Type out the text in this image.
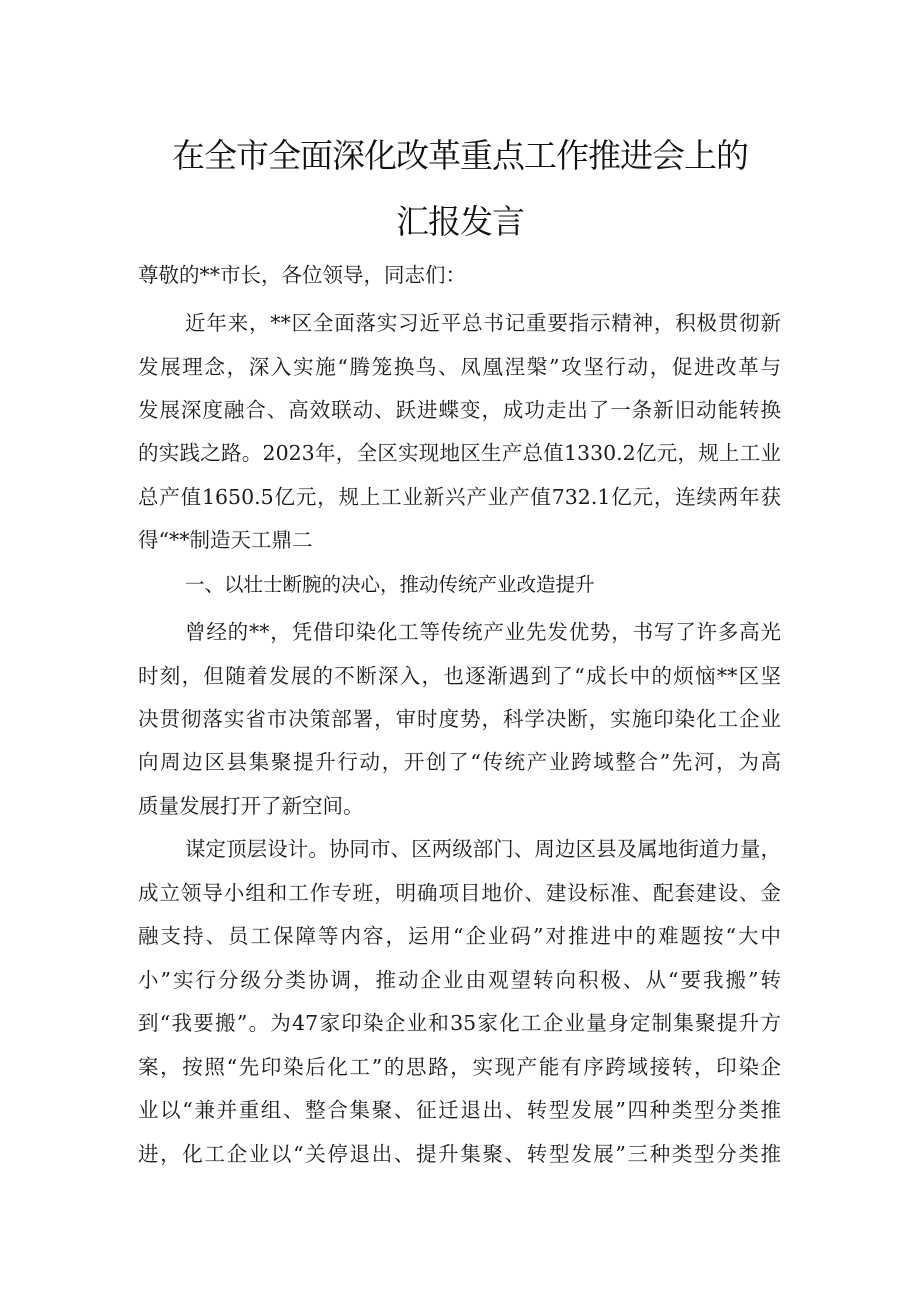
在全市全面深化改革重点工作推进会上的
汇报发言
尊敬的**市长，各位领导，同志们：
近年来，**区全面落实习近平总书记重要指示精神，积极贯彻新
发展理念，深入实施“腾笼换鸟、凤凰涅槃”攻坚行动，促进改革与
发展深度融合、高效联动、跃进蝶变，成功走出了一条新旧动能转换
的实践之路。2023年，全区实现地区生产总值1330.2亿元，规上工业
总产值1650.5亿元，规上工业新兴产业产值732.1亿元，连续两年获
得“**制造天工鼎二
一、以壮士断腕的决心，推动传统产业改造提升
曾经的**，凭借印染化工等传统产业先发优势，书写了许多高光
时刻，但随着发展的不断深入，也逐渐遇到了“成长中的烦恼**区坚
决贯彻落实省市决策部署，审时度势，科学决断，实施印染化工企业
向周边区县集聚提升行动，开创了“传统产业跨域整合”先河，为高
质量发展打开了新空间。
谋定顶层设计。协同市、区两级部门、周边区县及属地街道力量，
成立领导小组和工作专班，明确项目地价、建设标准、配套建设、金
融支持、员工保障等内容，运用“企业码”对推进中的难题按“大中
小”实行分级分类协调，推动企业由观望转向积极、从“要我搬”转
到“我要搬”。为47家印染企业和35家化工企业量身定制集聚提升方
案，按照“先印染后化工”的思路，实现产能有序跨域接转，印染企
业以“兼并重组、整合集聚、征迁退出、转型发展”四种类型分类推
进，化工企业以“关停退出、提升集聚、转型发展”三种类型分类推
